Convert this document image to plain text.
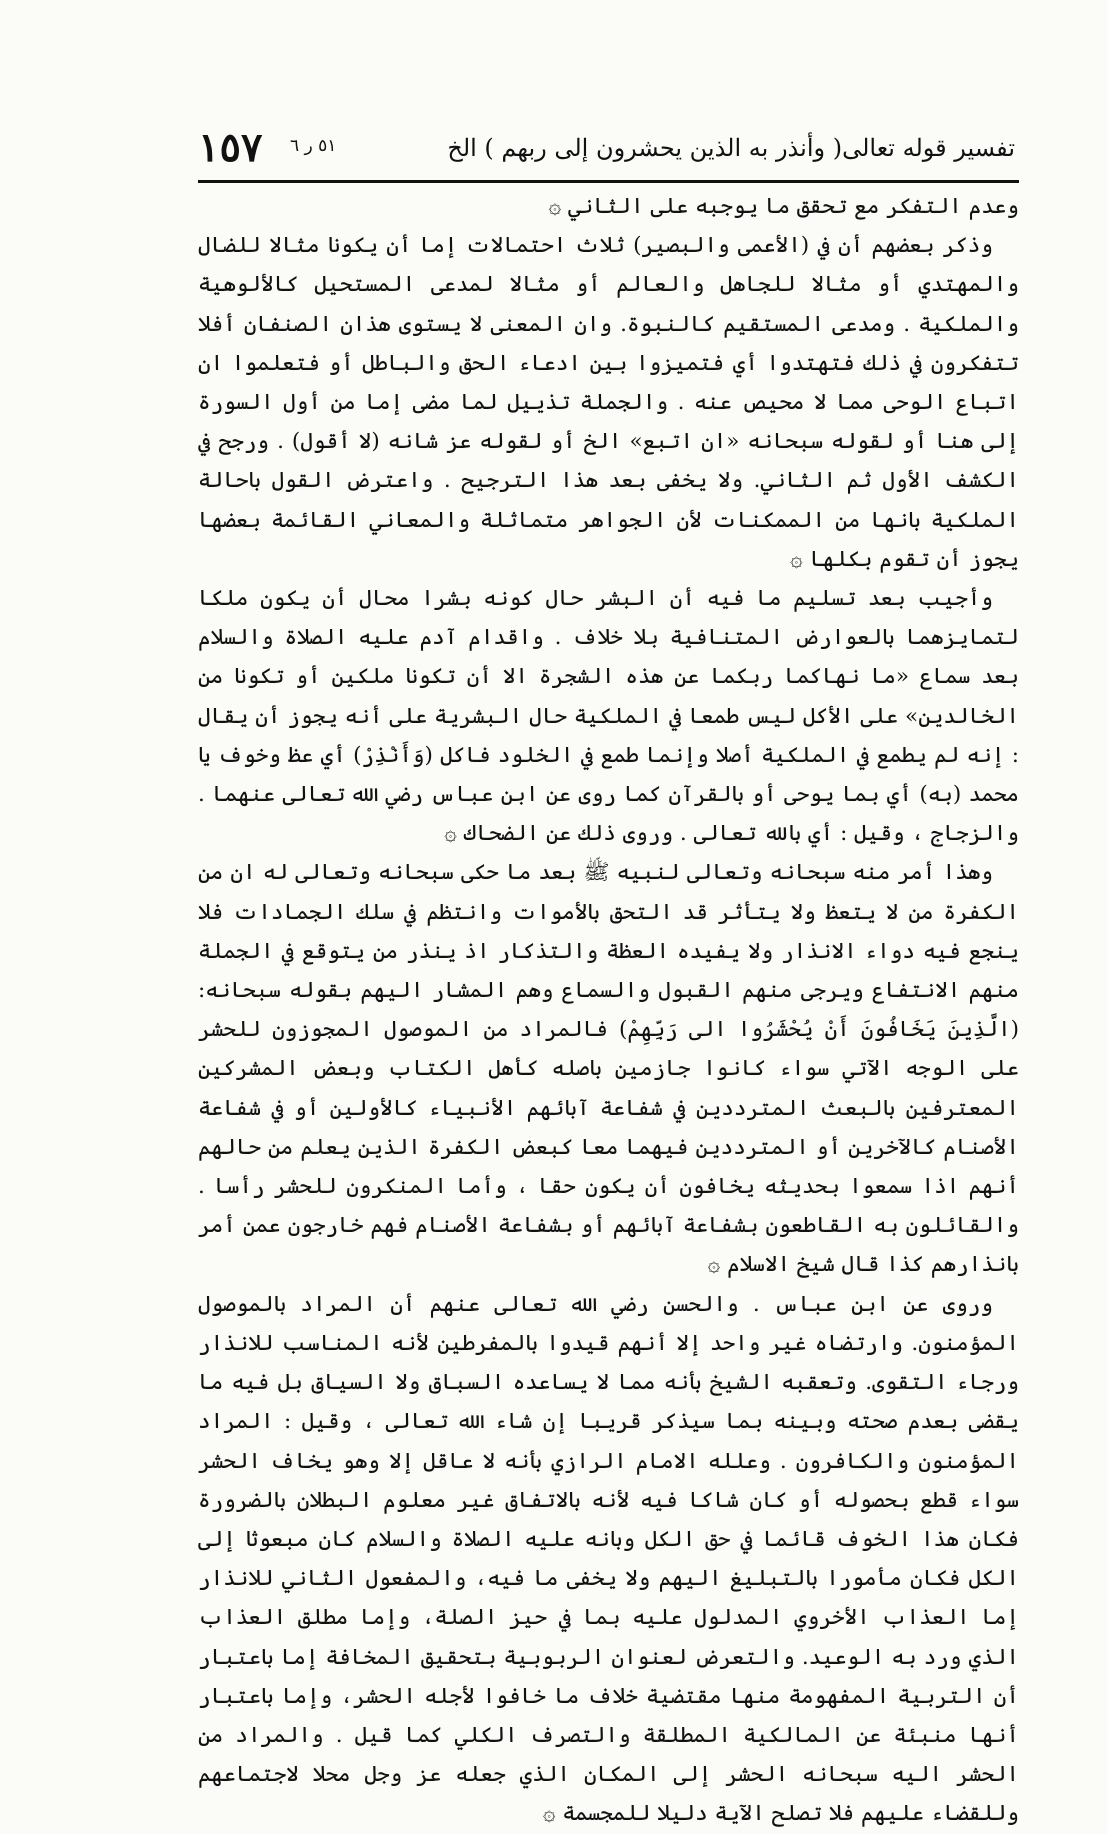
١٥٧ ٥١ ر ٦	تفسير قوله تعالى( وأنذر به الذين يحشرون إلى ربهم ) الخ

وعدم التفكر مع تحقق ما يوجبه على الثاني ۞

وذكر بعضهم أن في (الأعمى والبصير) ثلاث احتمالات إما أن يكونا مثالا للضال والمهتدي أو مثالا للجاهل والعالم أو مثالا لمدعى المستحيل كالألوهية والملكية . ومدعى المستقيم كالنبوة. وان المعنى لا يستوى هذان الصنفان أفلا تتفكرون في ذلك فتهتدوا أي فتميزوا بين ادعاء الحق والباطل أو فتعلموا ان اتباع الوحى مما لا محيص عنه . والجملة تذييل لما مضى إما من أول السورة إلى هنا أو لقوله سبحانه «ان اتبع» الخ أو لقوله عز شانه (لا أقول) . ورجح في الكشف الأول ثم الثاني. ولا يخفى بعد هذا الترجيح . واعترض القول باحالة الملكية بانها من الممكنات لأن الجواهر متماثلة والمعاني القائمة بعضها يجوز أن تقوم بكلها ۞

وأجيب بعد تسليم ما فيه أن البشر حال كونه بشرا محال أن يكون ملكا لتمايزهما بالعوارض المتنافية بلا خلاف . واقدام آدم عليه الصلاة والسلام بعد سماع «ما نهاكما ربكما عن هذه الشجرة الا أن تكونا ملكين أو تكونا من الخالدين» على الأكل ليس طمعا في الملكية حال البشرية على أنه يجوز أن يقال : إنه لم يطمع في الملكية أصلا وإنما طمع في الخلود فاكل (وَأَنْذِرْ) أي عظ وخوف يا محمد (به) أي بما يوحى أو بالقرآن كما روى عن ابن عباس رضي الله تعالى عنهما . والزجاج ، وقيل : أي بالله تعالى . وروى ذلك عن الضحاك ۞

وهذا أمر منه سبحانه وتعالى لنبيه ﷺ بعد ما حكى سبحانه وتعالى له ان من الكفرة من لا يتعظ ولا يتأثر قد التحق بالأموات وانتظم في سلك الجمادات فلا ينجع فيه دواء الانذار ولا يفيده العظة والتذكار اذ ينذر من يتوقع في الجملة منهم الانتفاع ويرجى منهم القبول والسماع وهم المشار اليهم بقوله سبحانه: (الَّذِينَ يَخَافُونَ أَنْ يُحْشَرُوا الى رَبِّهِمْ) فالمراد من الموصول المجوزون للحشر على الوجه الآتي سواء كانوا جازمين باصله كأهل الكتاب وبعض المشركين المعترفين بالبعث المترددين في شفاعة آبائهم الأنبياء كالأولين أو في شفاعة الأصنام كالآخرين أو المترددين فيهما معا كبعض الكفرة الذين يعلم من حالهم أنهم اذا سمعوا بحديثه يخافون أن يكون حقا ، وأما المنكرون للحشر رأسا . والقائلون به القاطعون بشفاعة آبائهم أو بشفاعة الأصنام فهم خارجون عمن أمر بانذارهم كذا قال شيخ الاسلام ۞

وروى عن ابن عباس . والحسن رضي الله تعالى عنهم أن المراد بالموصول المؤمنون. وارتضاه غير واحد إلا أنهم قيدوا بالمفرطين لأنه المناسب للانذار ورجاء التقوى. وتعقبه الشيخ بأنه مما لا يساعده السباق ولا السياق بل فيه ما يقضى بعدم صحته وبينه بما سيذكر قريبا إن شاء الله تعالى ، وقيل : المراد المؤمنون والكافرون . وعلله الامام الرازي بأنه لا عاقل إلا وهو يخاف الحشر سواء قطع بحصوله أو كان شاكا فيه لأنه بالاتفاق غير معلوم البطلان بالضرورة فكان هذا الخوف قائما في حق الكل وبانه عليه الصلاة والسلام كان مبعوثا إلى الكل فكان مأمورا بالتبليغ اليهم ولا يخفى ما فيه، والمفعول الثاني للانذار إما العذاب الأخروي المدلول عليه بما في حيز الصلة، وإما مطلق العذاب الذي ورد به الوعيد. والتعرض لعنوان الربوبية بتحقيق المخافة إما باعتبار أن التربية المفهومة منها مقتضية خلاف ما خافوا لأجله الحشر، وإما باعتبار أنها منبئة عن المالكية المطلقة والتصرف الكلي كما قيل . والمراد من الحشر اليه سبحانه الحشر إلى المكان الذي جعله عز وجل محلا لاجتماعهم وللقضاء عليهم فلا تصلح الآية دليلا للمجسمة ۞
